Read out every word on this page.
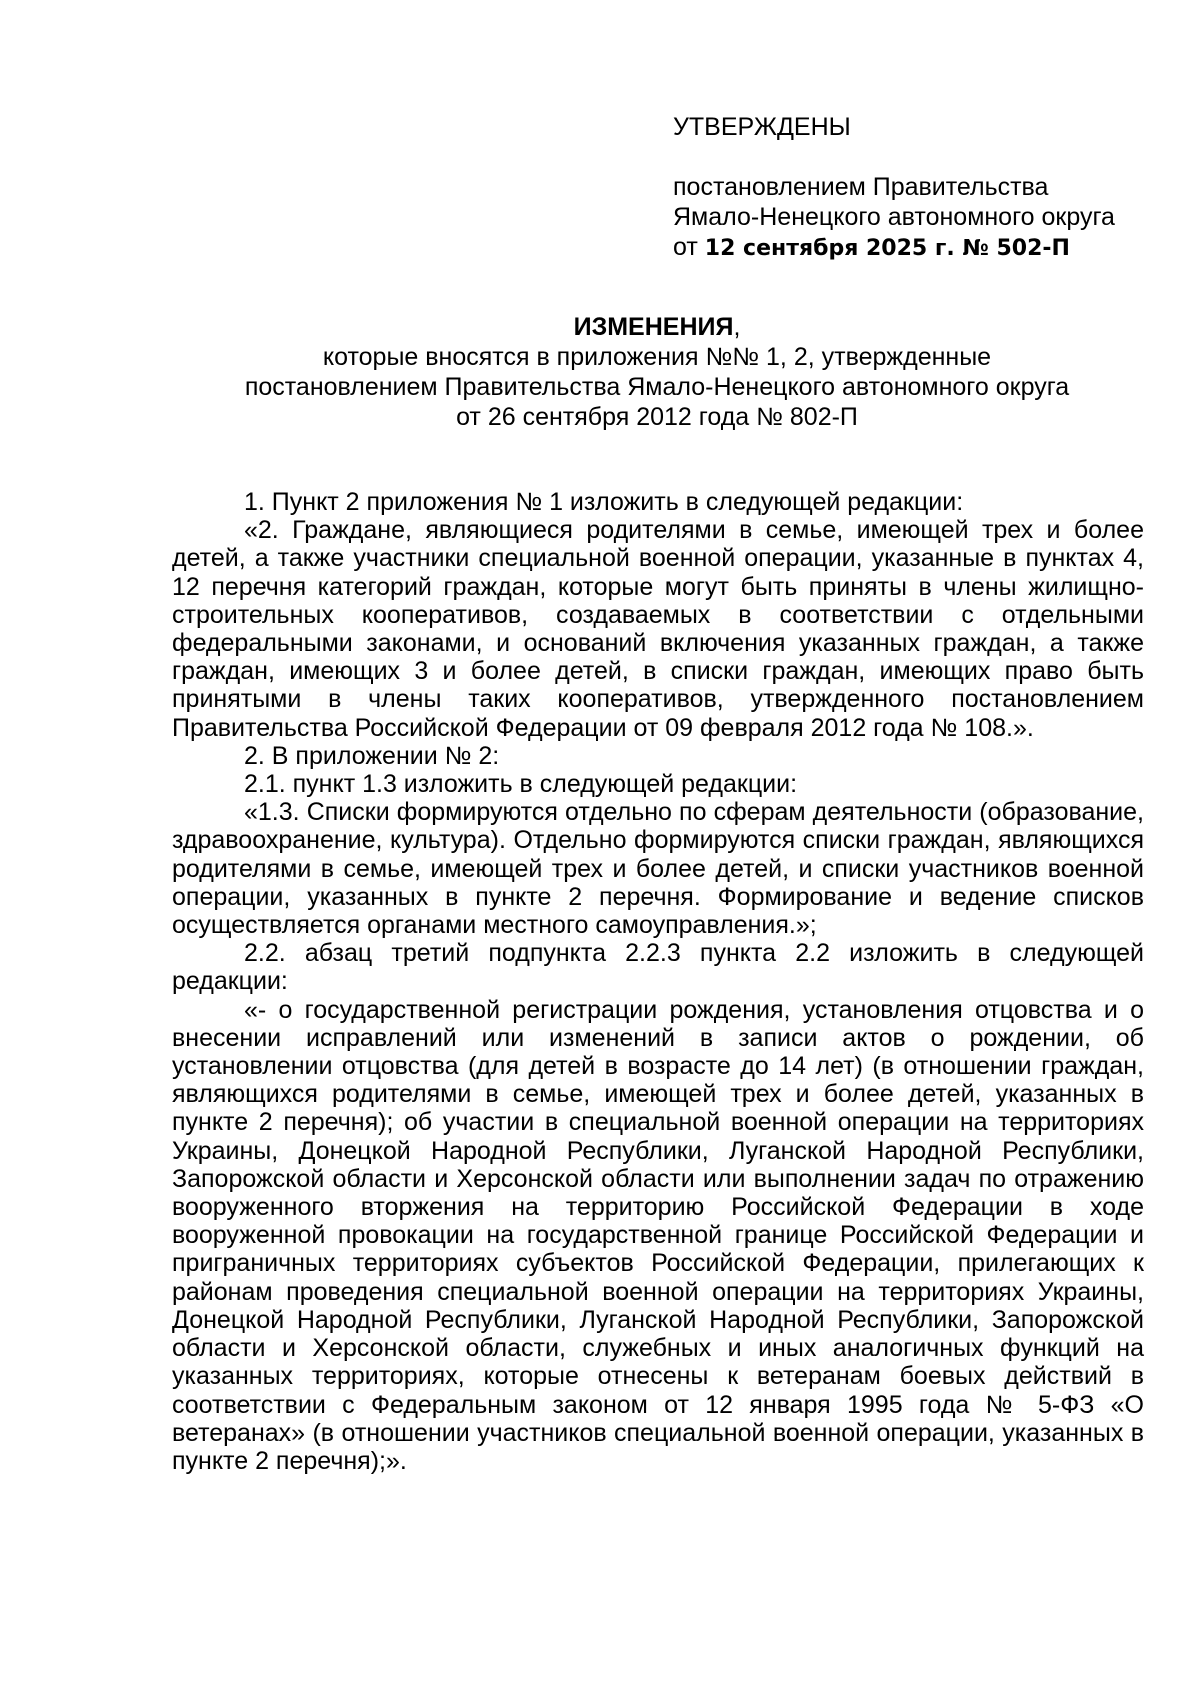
УТВЕРЖДЕНЫ
постановлением Правительства
Ямало-Ненецкого автономного округа
от 12 сентября 2025 г. № 502-П
ИЗМЕНЕНИЯ,
которые вносятся в приложения №№ 1, 2, утвержденные
постановлением Правительства Ямало-Ненецкого автономного округа
от 26 сентября 2012 года № 802-П

1. Пункт 2 приложения № 1 изложить в следующей редакции:

«2. Граждане, являющиеся родителями в семье, имеющей трех и более детей, а также участники специальной военной операции, указанные в пунктах 4, 12 перечня категорий граждан, которые могут быть приняты в члены жилищно-строительных кооперативов, создаваемых в соответствии с отдельными федеральными законами, и оснований включения указанных граждан, а также граждан, имеющих 3 и более детей, в списки граждан, имеющих право быть принятыми в члены таких кооперативов, утвержденного постановлением Правительства Российской Федерации от 09 февраля 2012 года № 108.».

2. В приложении № 2:

2.1. пункт 1.3 изложить в следующей редакции:

«1.3. Списки формируются отдельно по сферам деятельности (образование, здравоохранение, культура). Отдельно формируются списки граждан, являющихся родителями в семье, имеющей трех и более детей, и списки участников военной операции, указанных в пункте 2 перечня. Формирование и ведение списков осуществляется органами местного самоуправления.»;

2.2. абзац третий подпункта 2.2.3 пункта 2.2 изложить в следующей редакции:

«- о государственной регистрации рождения, установления отцовства и о внесении исправлений или изменений в записи актов о рождении, об установлении отцовства (для детей в возрасте до 14 лет) (в отношении граждан, являющихся родителями в семье, имеющей трех и более детей, указанных в пункте 2 перечня); об участии в специальной военной операции на территориях Украины, Донецкой Народной Республики, Луганской Народной Республики, Запорожской области и Херсонской области или выполнении задач по отражению вооруженного вторжения на территорию Российской Федерации в ходе вооруженной провокации на государственной границе Российской Федерации и приграничных территориях субъектов Российской Федерации, прилегающих к районам проведения специальной военной операции на территориях Украины, Донецкой Народной Республики, Луганской Народной Республики, Запорожской области и Херсонской области, служебных и иных аналогичных функций на указанных территориях, которые отнесены к ветеранам боевых действий в соответствии с Федеральным законом от 12 января 1995 года № 5-ФЗ «О ветеранах» (в отношении участников специальной военной операции, указанных в пункте 2 перечня);».
